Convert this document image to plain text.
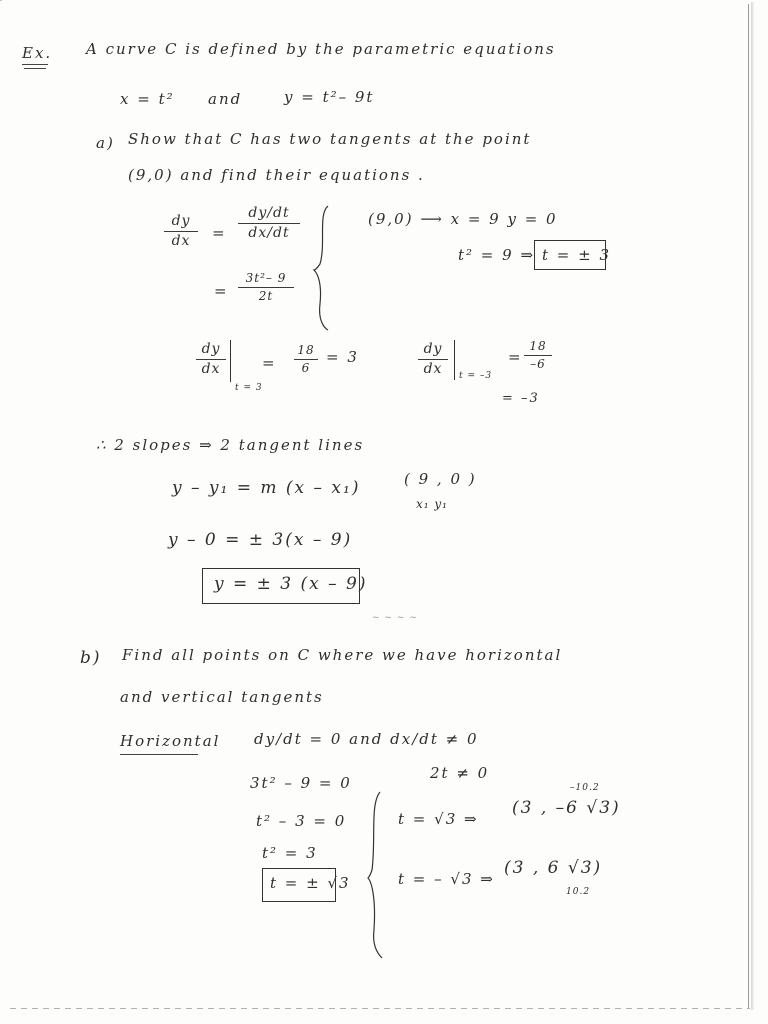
Ex. A curve C is defined by the parametric equations
x = t² and	y = t²– 9t
a) Show that C has two tangents at the point
(9,0) and find their equations .
dy
dx	=
dy/dt
dx/dt
=
3t²– 9
2t
(9,0) ⟶ x = 9 y = 0
t² = 9 ⇒ t = ± 3
dy
dx
t = 3
=
18
6
= 3	dy
dx	t = –3
=
18
–6
= –3
∴ 2 slopes ⇒ 2 tangent lines
y – y₁ = m (x – x₁)	( 9 , 0 )
x₁ y₁
y – 0 = ± 3(x – 9)
y = ± 3 (x – 9)
~ ~ ~ ~
b) Find all points on C where we have horizontal
and vertical tangents
Horizontal dy/dt = 0 and dx/dt ≠ 0
3t² – 9 = 0
2t ≠ 0
t² – 3 = 0
t² = 3
t = ± √3
t = √3 ⇒
(3 , –6 √3)
–10.2
t = – √3 ⇒
(3 , 6 √3)
10.2
